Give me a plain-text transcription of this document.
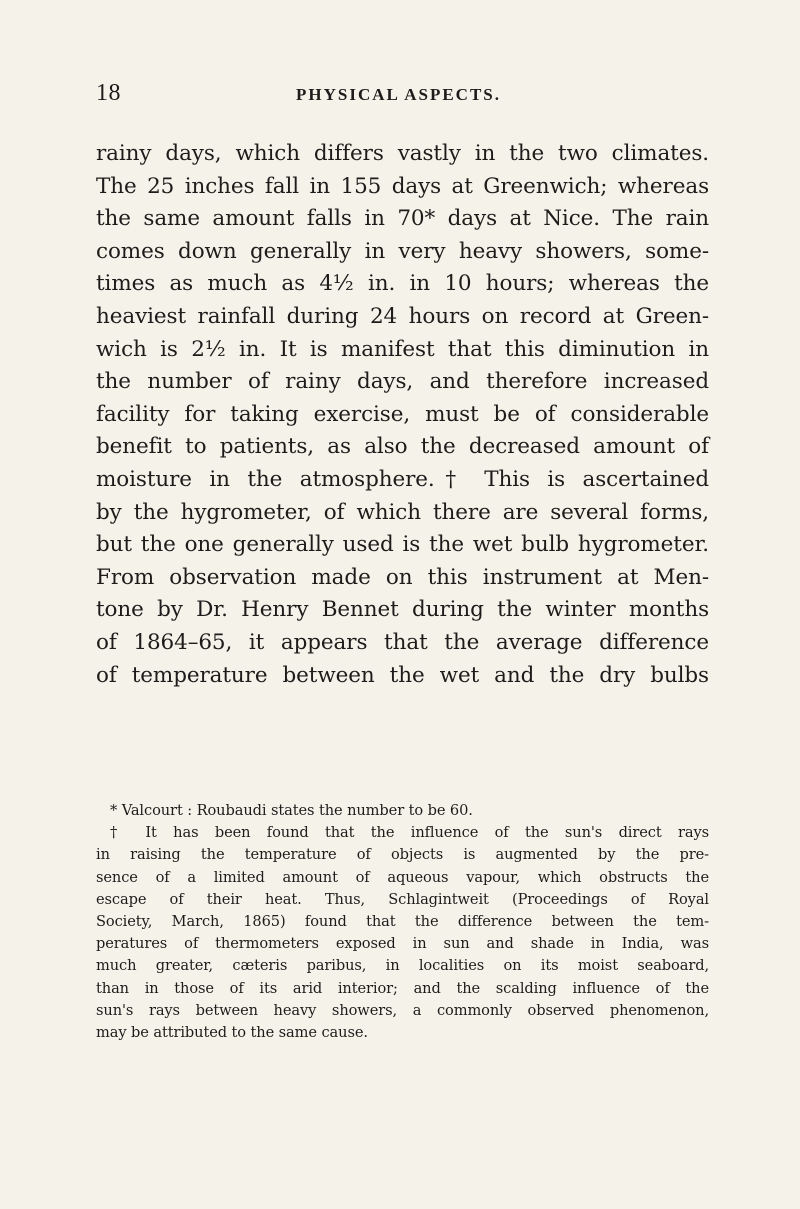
18	PHYSICAL ASPECTS.
rainy days, which differs vastly in the two climates.
The 25 inches fall in 155 days at Greenwich; whereas
the same amount falls in 70* days at Nice. The rain
comes down generally in very heavy showers, some-
times as much as 4½ in. in 10 hours; whereas the
heaviest rainfall during 24 hours on record at Green-
wich is 2½ in. It is manifest that this diminution in
the number of rainy days, and therefore increased
facility for taking exercise, must be of considerable
benefit to patients, as also the decreased amount of
moisture in the atmosphere.† This is ascertained
by the hygrometer, of which there are several forms,
but the one generally used is the wet bulb hygrometer.
From observation made on this instrument at Men-
tone by Dr. Henry Bennet during the winter months
of 1864–65, it appears that the average difference
of temperature between the wet and the dry bulbs
* Valcourt : Roubaudi states the number to be 60.
† It has been found that the influence of the sun's direct rays
in raising the temperature of objects is augmented by the pre-
sence of a limited amount of aqueous vapour, which obstructs the
escape of their heat. Thus, Schlagintweit (Proceedings of Royal
Society, March, 1865) found that the difference between the tem-
peratures of thermometers exposed in sun and shade in India, was
much greater, cæteris paribus, in localities on its moist seaboard,
than in those of its arid interior; and the scalding influence of the
sun's rays between heavy showers, a commonly observed phenomenon,
may be attributed to the same cause.
